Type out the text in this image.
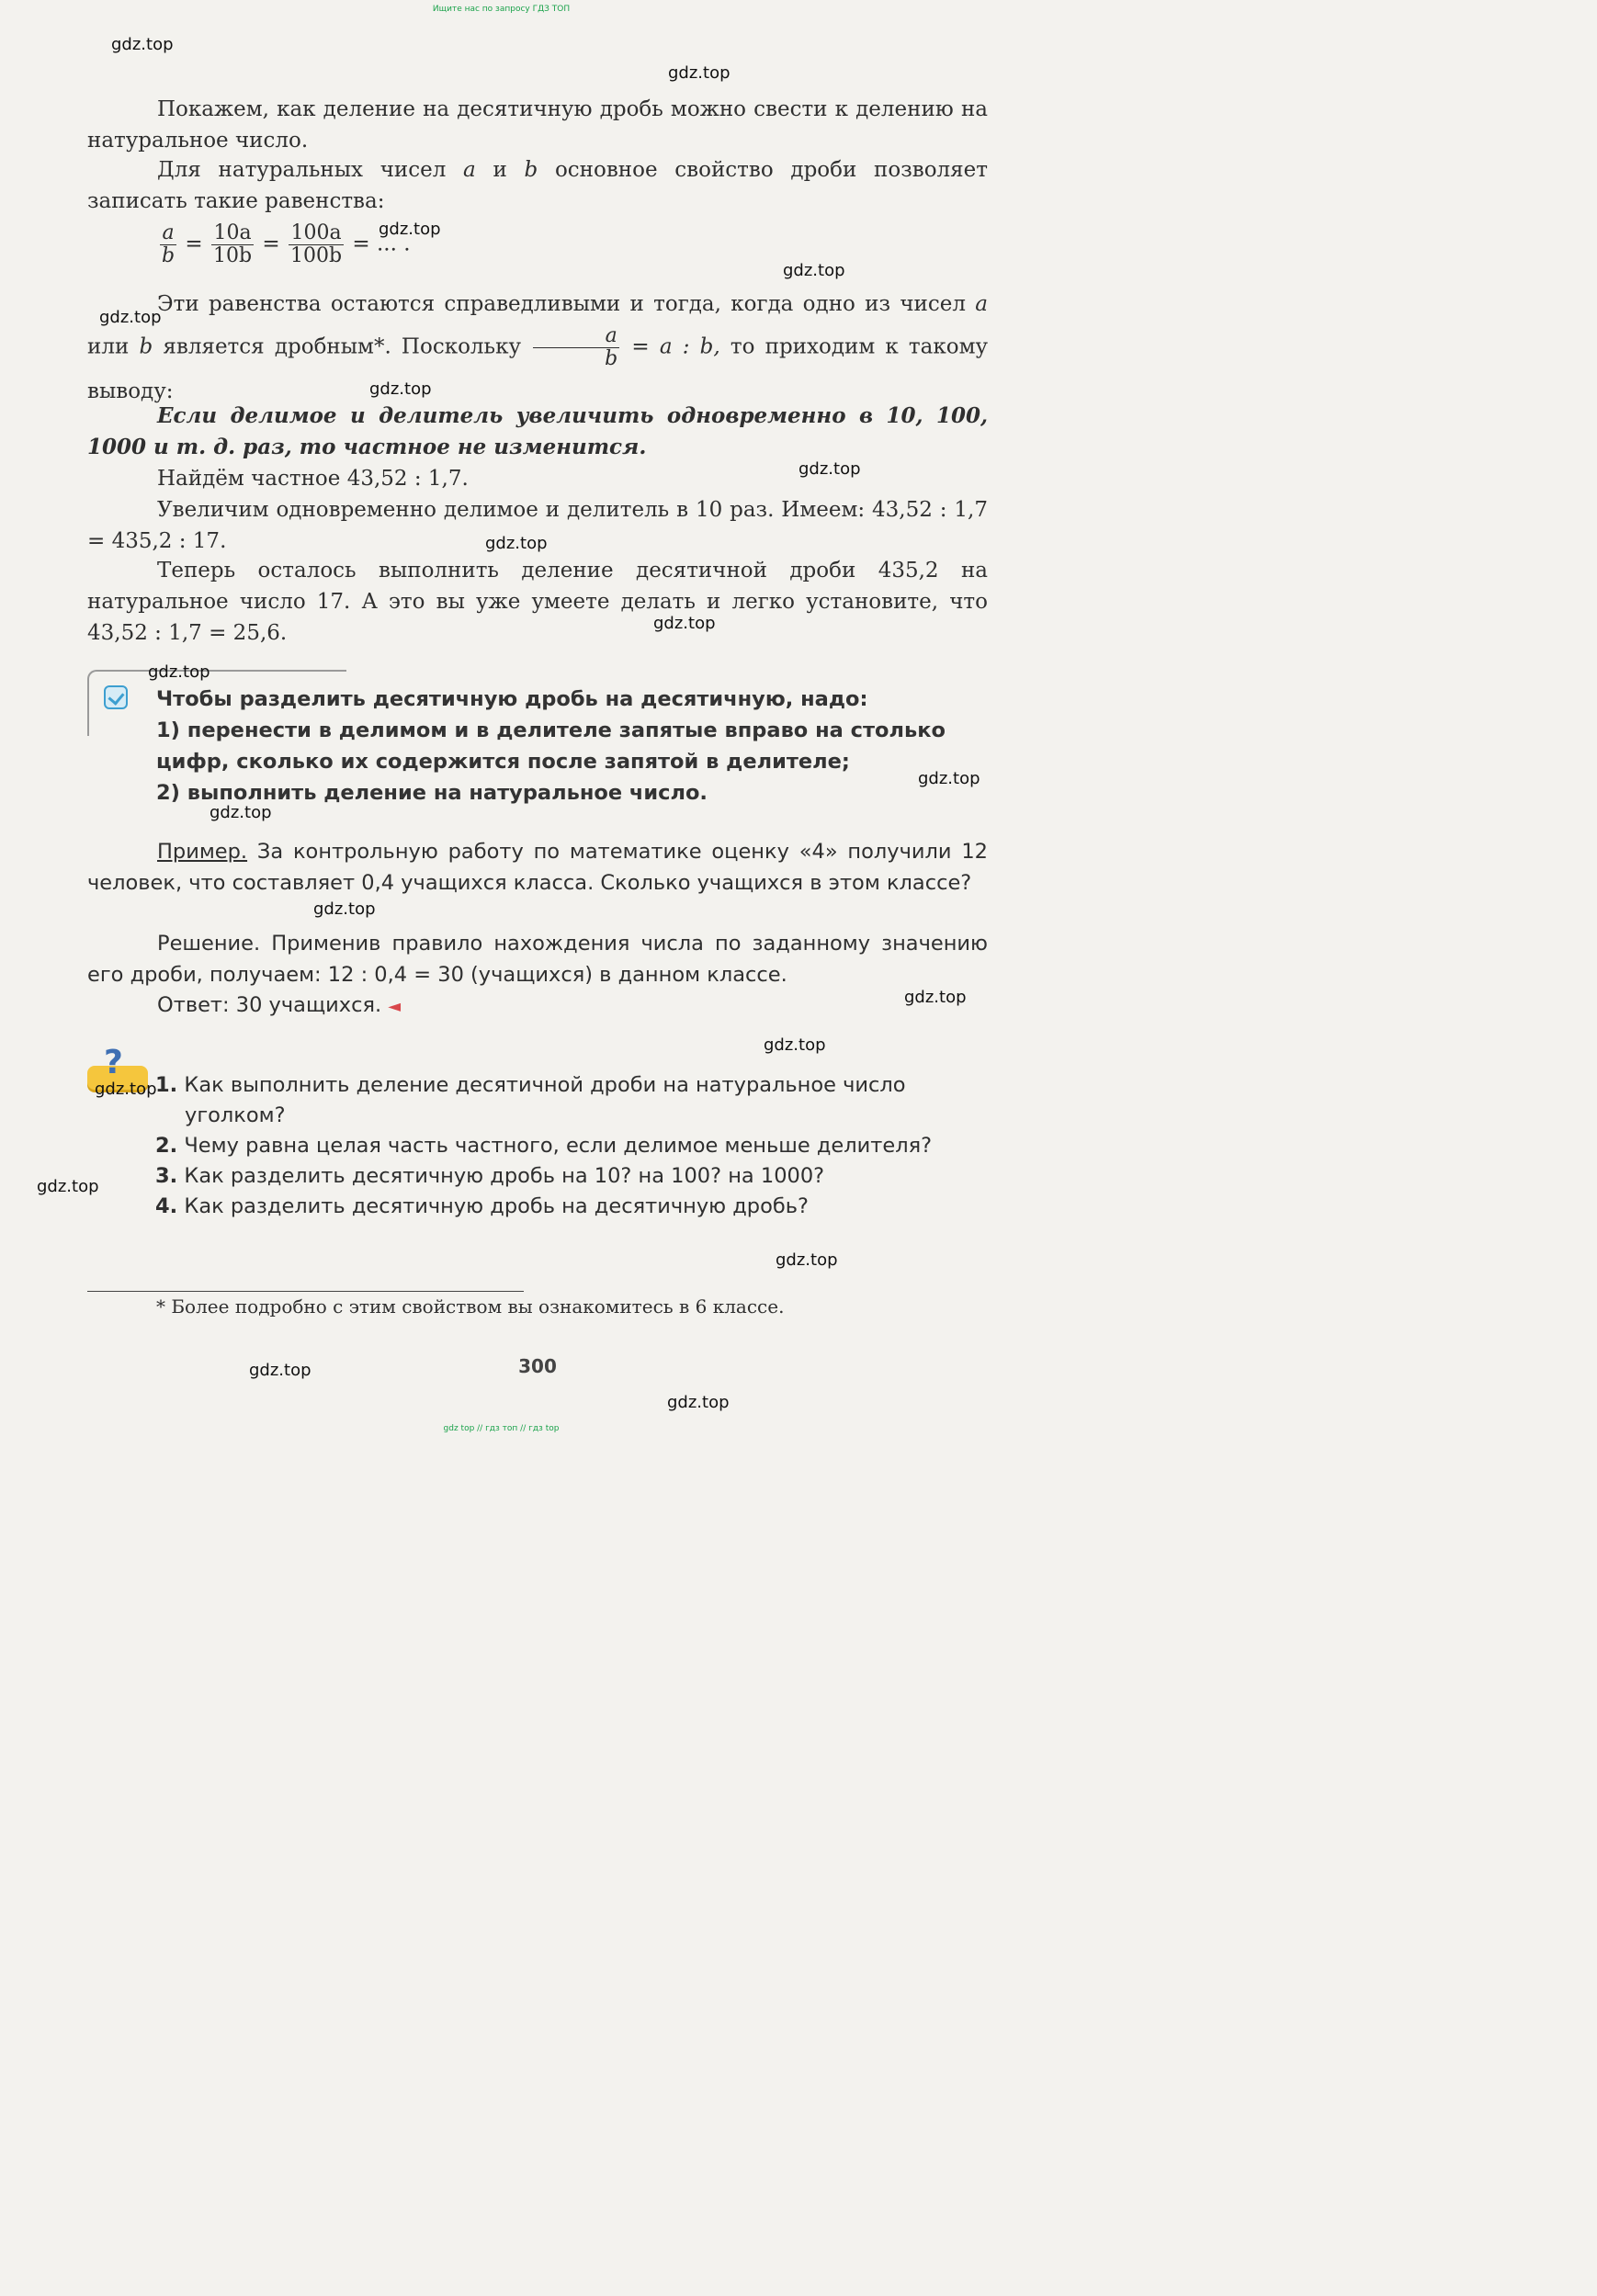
Ищите нас по запросу ГДЗ ТОП

Покажем, как деление на десятичную дробь можно свести к делению на натуральное число.

Для натуральных чисел a и b основное свойство дроби позволяет записать такие равенства:

$\frac{a}{b} = \frac{10a}{10b} = \frac{100a}{100b}$ = ... .

Эти равенства остаются справедливыми и тогда, когда одно из чисел a или b является дробным*. Поскольку $\frac{a}{b} = a$ : b, то приходим к такому выводу:

Если делимое и делитель увеличить одновременно в 10, 100, 1000 и т. д. раз, то частное не изменится.

Найдём частное 43,52 : 1,7.

Увеличим одновременно делимое и делитель в 10 раз. Имеем: 43,52 : 1,7 = 435,2 : 17.

Теперь осталось выполнить деление десятичной дроби 435,2 на натуральное число 17. А это вы уже умеете делать и легко установите, что 43,52 : 1,7 = 25,6.

Чтобы разделить десятичную дробь на десятичную, надо:
1) перенести в делимом и в делителе запятые вправо на столько цифр, сколько их содержится после запятой в делителе;
2) выполнить деление на натуральное число.

Пример. За контрольную работу по математике оценку «4» получили 12 человек, что составляет 0,4 учащихся класса. Сколько учащихся в этом классе?

Решение. Применив правило нахождения числа по заданному значению его дроби, получаем: 12 : 0,4 = 30 (учащихся) в данном классе.

Ответ: 30 учащихся. ◄

?
1. Как выполнить деление десятичной дроби на натуральное число уголком?
2. Чему равна целая часть частного, если делимое меньше делителя?
3. Как разделить десятичную дробь на 10? на 100? на 1000?
4. Как разделить десятичную дробь на десятичную дробь?

* Более подробно с этим свойством вы ознакомитесь в 6 классе.

300
gdz.top
gdz.top
gdz.top
gdz.top
gdz.top
gdz.top
gdz.top
gdz.top
gdz.top
gdz.top
gdz.top
gdz.top
gdz.top
gdz.top
gdz.top
gdz.top
gdz.top
gdz.top
gdz.top
gdz.top
gdz top // гдз топ // гдз top
